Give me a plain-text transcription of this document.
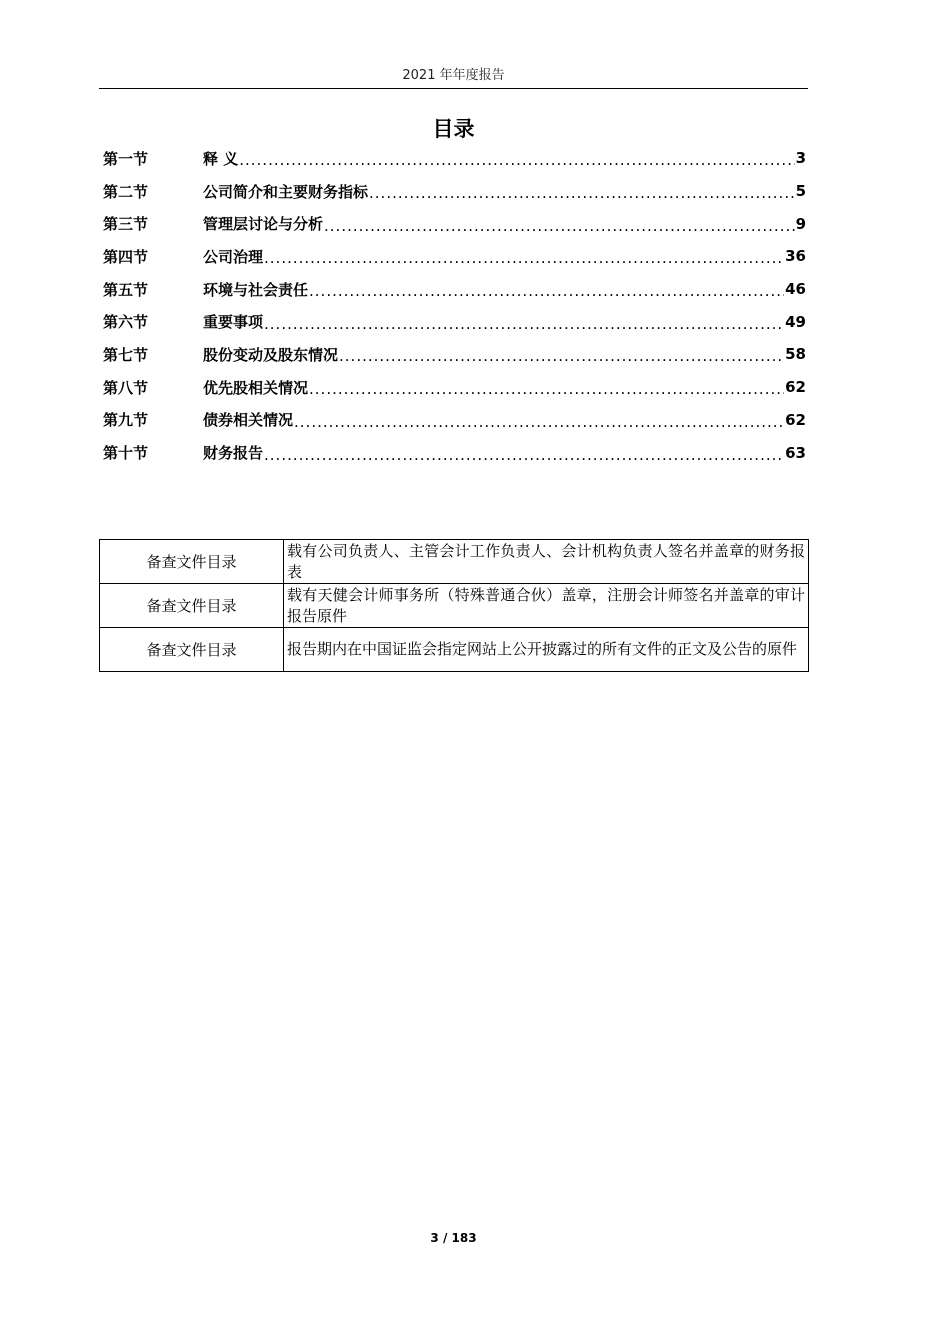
2021 年年度报告
目录
第一节	释 义 .....	3
第二节	公司简介和主要财务指标 .....	5
第三节	管理层讨论与分析 .....	9
第四节	公司治理 .....	36
第五节	环境与社会责任 .....	46
第六节	重要事项 .....	49
第七节	股份变动及股东情况 .....	58
第八节	优先股相关情况 .....	62
第九节	债券相关情况 .....	62
第十节	财务报告 .....	63
备查文件目录	载有公司负责人、主管会计工作负责人、会计机构负责人签名并盖章的财务报表
备查文件目录	载有天健会计师事务所（特殊普通合伙）盖章，注册会计师签名并盖章的审计报告原件
备查文件目录	报告期内在中国证监会指定网站上公开披露过的所有文件的正文及公告的原件
3 / 183
